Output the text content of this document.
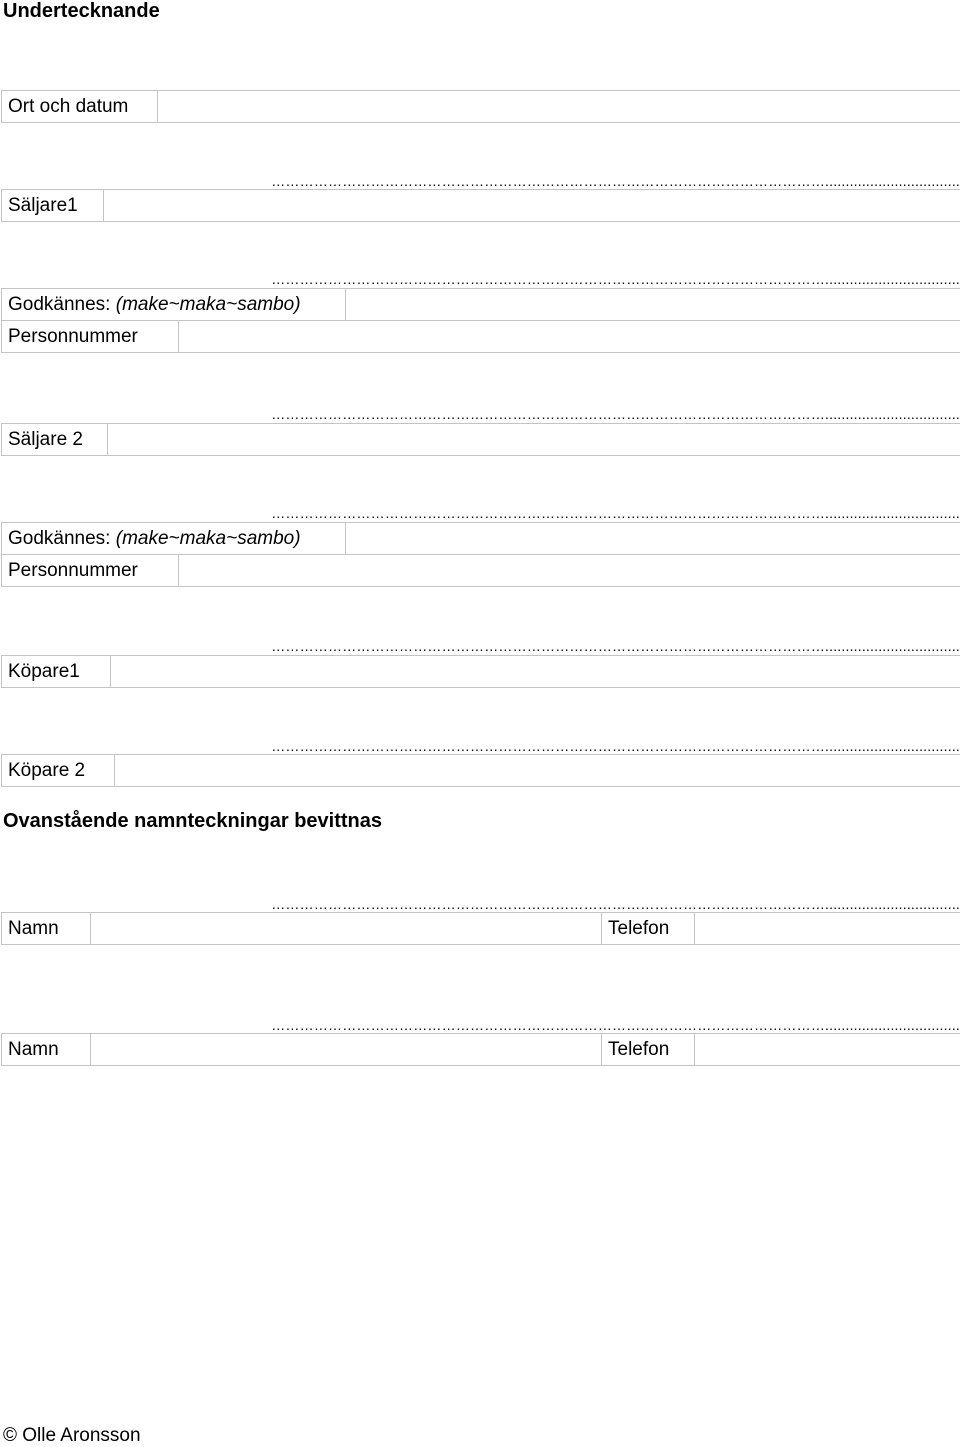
Undertecknande
Ort och datum
……………………………………………………………………………………………………….................................
Säljare1
……………………………………………………………………………………………………….................................
Godkännes: (make~maka~sambo)
Personnummer
……………………………………………………………………………………………………….................................
Säljare 2
……………………………………………………………………………………………………….................................
Godkännes: (make~maka~sambo)
Personnummer
……………………………………………………………………………………………………….................................
Köpare1
……………………………………………………………………………………………………….................................
Köpare 2
Ovanstående namnteckningar bevittnas
……………………………………………………………………………………………………….................................
Namn	Telefon
……………………………………………………………………………………………………….................................
Namn	Telefon
© Olle Aronsson
